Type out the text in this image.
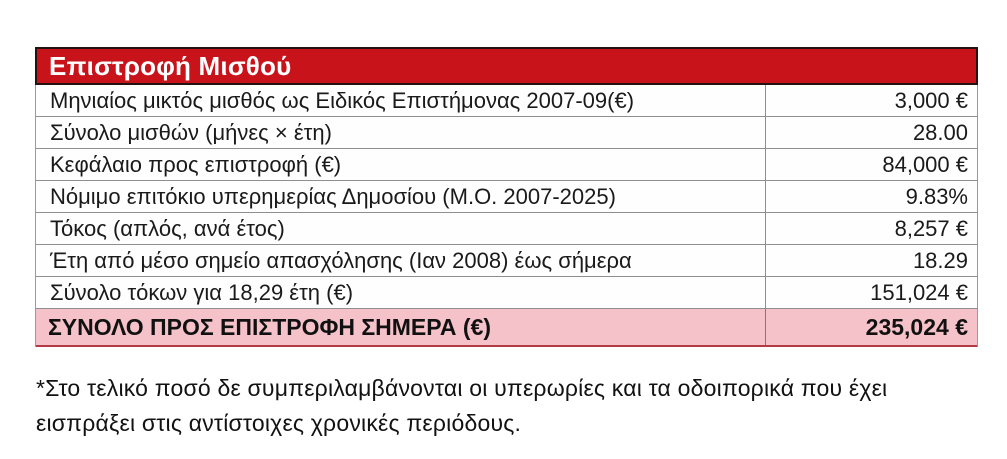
Επιστροφή Μισθού
Μηνιαίος μικτός μισθός ως Ειδικός Επιστήμονας 2007-09(€)	3,000 €
Σύνολο μισθών (μήνες × έτη)	28.00
Κεφάλαιο προς επιστροφή (€)	84,000 €
Νόμιμο επιτόκιο υπερημερίας Δημοσίου (Μ.Ο. 2007-2025)	9.83%
Τόκος (απλός, ανά έτος)	8,257 €
Έτη από μέσο σημείο απασχόλησης (Ιαν 2008) έως σήμερα	18.29
Σύνολο τόκων για 18,29 έτη (€)	151,024 €
ΣΥΝΟΛΟ ΠΡΟΣ ΕΠΙΣΤΡΟΦΗ ΣΗΜΕΡΑ (€)	235,024 €
*Στο τελικό ποσό δε συμπεριλαμβάνονται οι υπερωρίες και τα οδοιπορικά που έχει εισπράξει στις αντίστοιχες χρονικές περιόδους.
